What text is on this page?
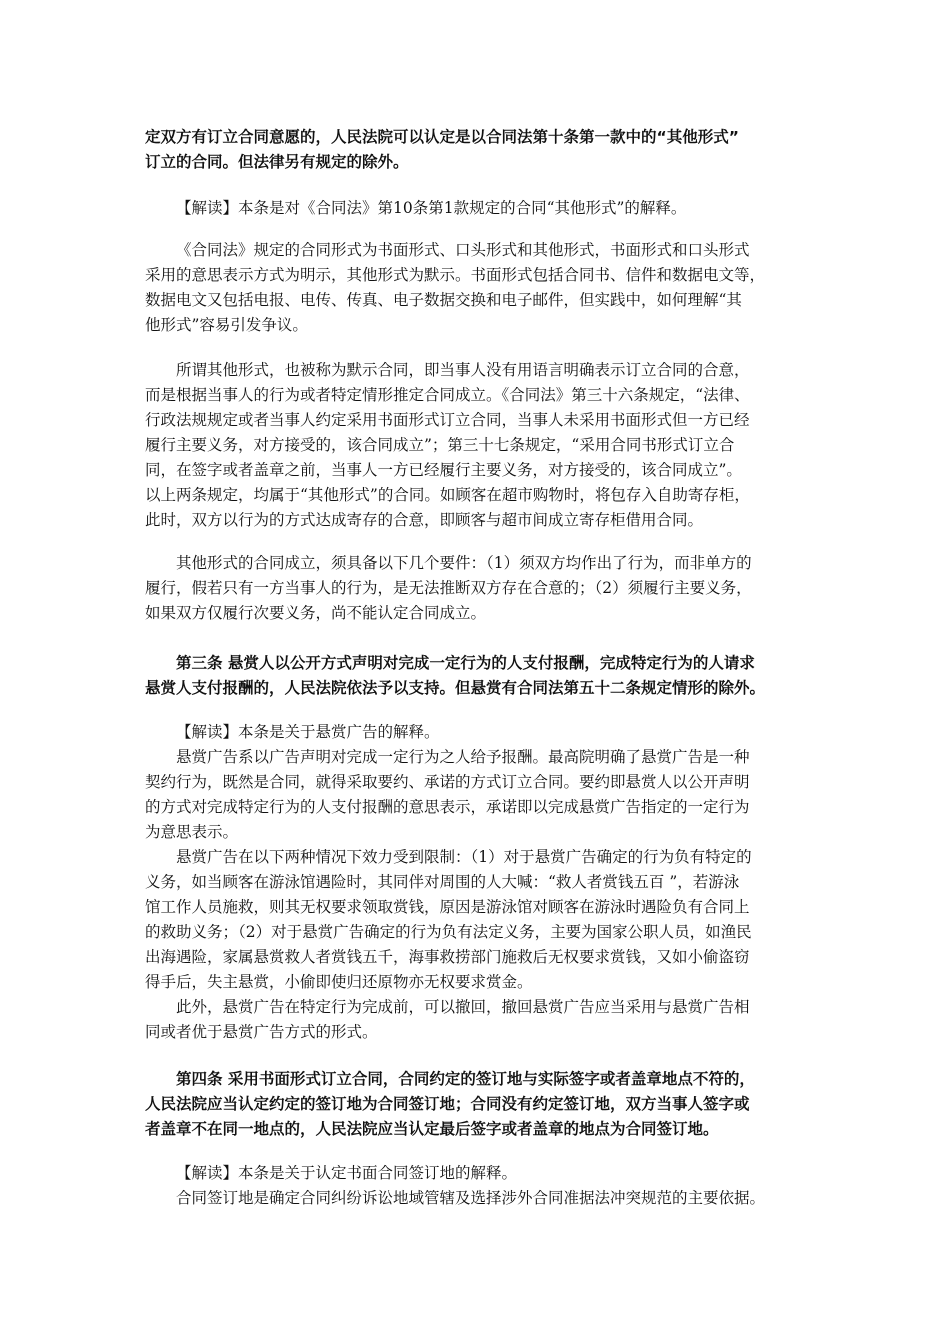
定双方有订立合同意愿的，人民法院可以认定是以合同法第十条第一款中的“其他形式”
订立的合同。但法律另有规定的除外。
【解读】本条是对《合同法》第10条第1款规定的合同“其他形式”的解释。
《合同法》规定的合同形式为书面形式、口头形式和其他形式，书面形式和口头形式
采用的意思表示方式为明示，其他形式为默示。书面形式包括合同书、信件和数据电文等，
数据电文又包括电报、电传、传真、电子数据交换和电子邮件，但实践中，如何理解“其
他形式”容易引发争议。
所谓其他形式，也被称为默示合同，即当事人没有用语言明确表示订立合同的合意，
而是根据当事人的行为或者特定情形推定合同成立。《合同法》第三十六条规定，“法律、
行政法规规定或者当事人约定采用书面形式订立合同，当事人未采用书面形式但一方已经
履行主要义务，对方接受的，该合同成立”；第三十七条规定，“采用合同书形式订立合
同，在签字或者盖章之前，当事人一方已经履行主要义务，对方接受的，该合同成立”。
以上两条规定，均属于“其他形式”的合同。如顾客在超市购物时，将包存入自助寄存柜，
此时，双方以行为的方式达成寄存的合意，即顾客与超市间成立寄存柜借用合同。
其他形式的合同成立，须具备以下几个要件：（1）须双方均作出了行为，而非单方的
履行，假若只有一方当事人的行为，是无法推断双方存在合意的；（2）须履行主要义务，
如果双方仅履行次要义务，尚不能认定合同成立。
第三条 悬赏人以公开方式声明对完成一定行为的人支付报酬，完成特定行为的人请求
悬赏人支付报酬的，人民法院依法予以支持。但悬赏有合同法第五十二条规定情形的除外。
【解读】本条是关于悬赏广告的解释。
悬赏广告系以广告声明对完成一定行为之人给予报酬。最高院明确了悬赏广告是一种
契约行为，既然是合同，就得采取要约、承诺的方式订立合同。要约即悬赏人以公开声明
的方式对完成特定行为的人支付报酬的意思表示，承诺即以完成悬赏广告指定的一定行为
为意思表示。
悬赏广告在以下两种情况下效力受到限制：（1）对于悬赏广告确定的行为负有特定的
义务，如当顾客在游泳馆遇险时，其同伴对周围的人大喊：“救人者赏钱五百 ”，若游泳
馆工作人员施救，则其无权要求领取赏钱，原因是游泳馆对顾客在游泳时遇险负有合同上
的救助义务；（2）对于悬赏广告确定的行为负有法定义务，主要为国家公职人员，如渔民
出海遇险，家属悬赏救人者赏钱五千，海事救捞部门施救后无权要求赏钱，又如小偷盗窃
得手后，失主悬赏，小偷即使归还原物亦无权要求赏金。
此外，悬赏广告在特定行为完成前，可以撤回，撤回悬赏广告应当采用与悬赏广告相
同或者优于悬赏广告方式的形式。
第四条 采用书面形式订立合同，合同约定的签订地与实际签字或者盖章地点不符的，
人民法院应当认定约定的签订地为合同签订地；合同没有约定签订地，双方当事人签字或
者盖章不在同一地点的，人民法院应当认定最后签字或者盖章的地点为合同签订地。
【解读】本条是关于认定书面合同签订地的解释。
合同签订地是确定合同纠纷诉讼地域管辖及选择涉外合同准据法冲突规范的主要依据。
